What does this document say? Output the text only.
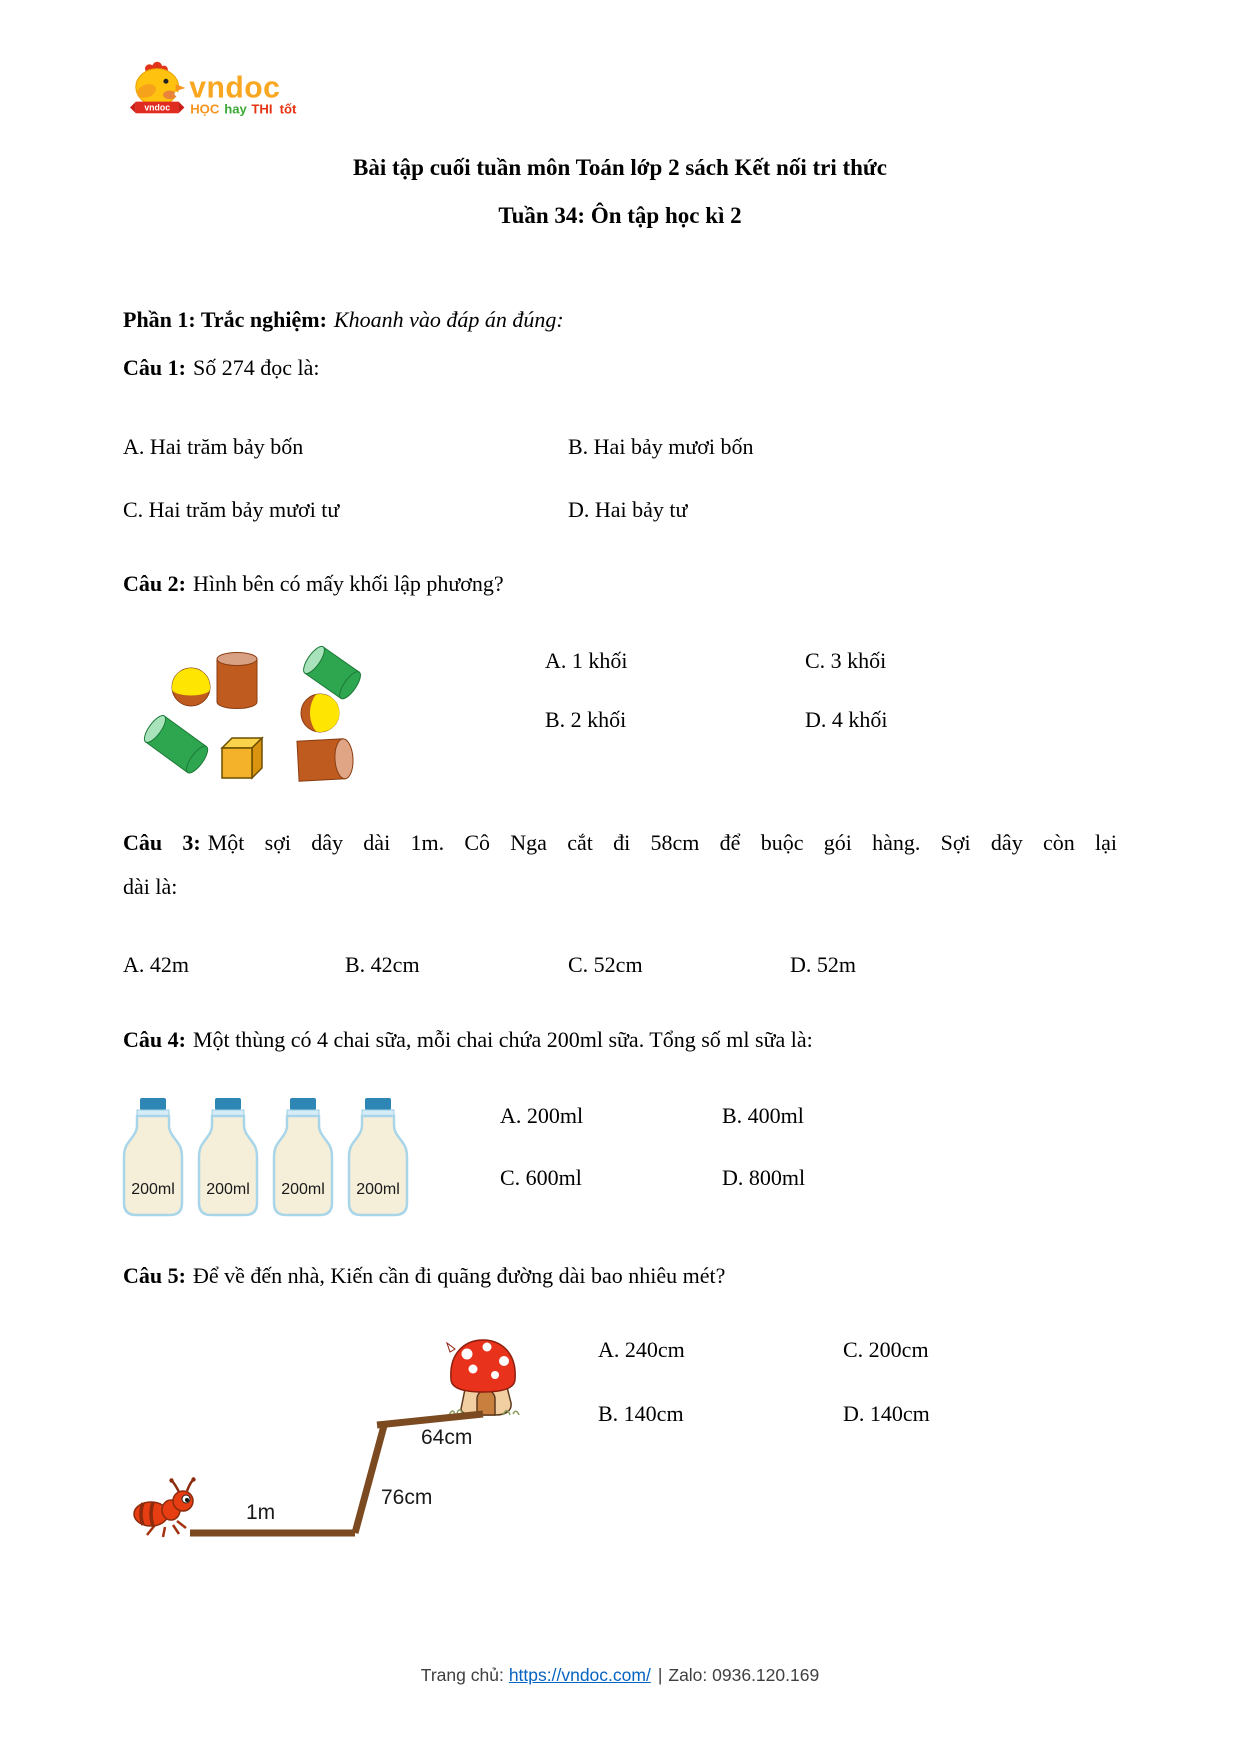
vndoc
vndoc
HỌC hay THI tốt
Bài tập cuối tuần môn Toán lớp 2 sách Kết nối tri thức
Tuần 34: Ôn tập học kì 2
Phần 1: Trắc nghiệm: Khoanh vào đáp án đúng:
Câu 1: Số 274 đọc là:
A. Hai trăm bảy bốn	B. Hai bảy mươi bốn
C. Hai trăm bảy mươi tư	D. Hai bảy tư
Câu 2: Hình bên có mấy khối lập phương?
A. 1 khối	C. 3 khối
B. 2 khối	D. 4 khối
Câu 3: Một sợi dây dài 1m. Cô Nga cắt đi 58cm để buộc gói hàng. Sợi dây còn lại
dài là:
A. 42m	B. 42cm	C. 52cm	D. 52m
Câu 4: Một thùng có 4 chai sữa, mỗi chai chứa 200ml sữa. Tổng số ml sữa là:
200ml 200ml 200ml 200ml
A. 200ml	B. 400ml
C. 600ml	D. 800ml
Câu 5: Để về đến nhà, Kiến cần đi quãng đường dài bao nhiêu mét?
A. 240cm	C. 200cm
B. 140cm	D. 140cm
1m
76cm
64cm
Trang chủ: https://vndoc.com/ | Zalo: 0936.120.169
